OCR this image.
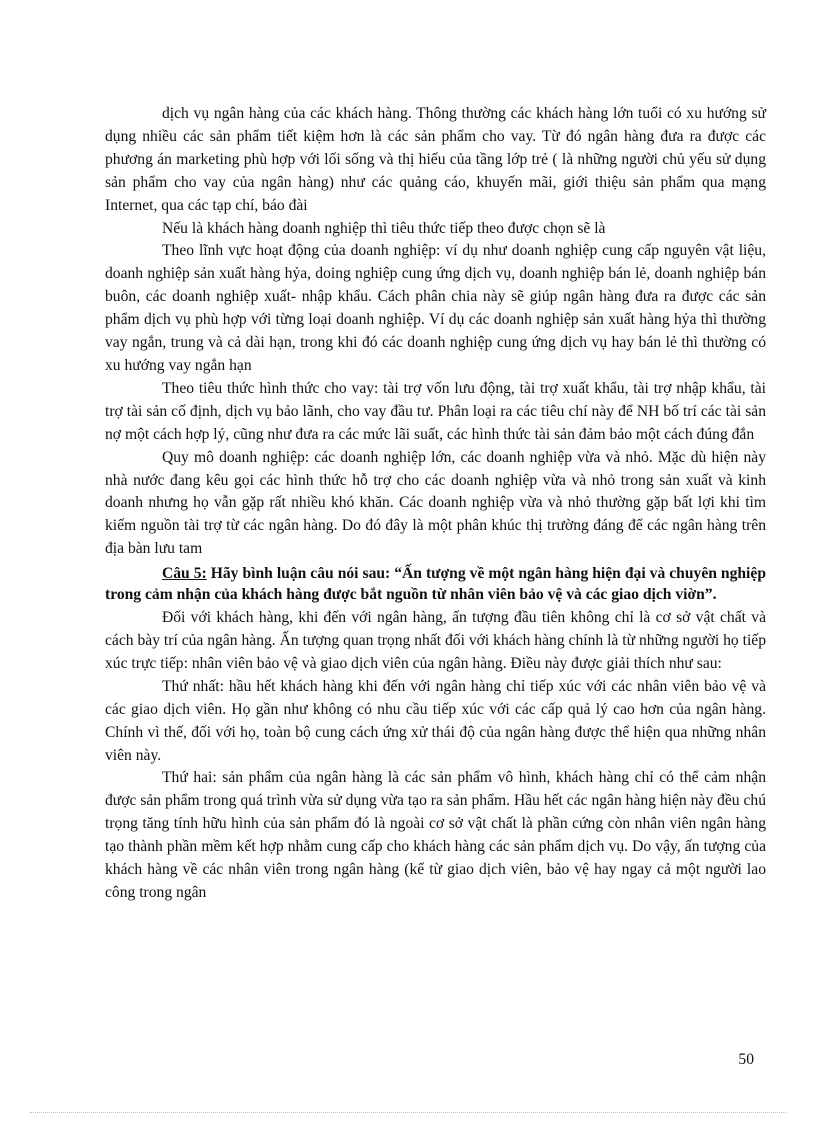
dịch vụ ngân hàng của các khách hàng. Thông thường các khách hàng lớn tuổi có xu hướng sử dụng nhiều các sản phẩm tiết kiệm hơn là các sản phẩm cho vay. Từ đó ngân hàng đưa ra được các phương án marketing phù hợp với lối sống và thị hiếu của tầng lớp trẻ ( là những người chủ yếu sử dụng sản phẩm cho vay của ngân hàng) như các quảng cáo, khuyến mãi, giới thiệu sản phẩm qua mạng Internet, qua các tạp chí, báo đài

Nếu là khách hàng doanh nghiệp thì tiêu thức tiếp theo được chọn sẽ là

Theo lĩnh vực hoạt động của doanh nghiệp: ví dụ như doanh nghiệp cung cấp nguyên vật liệu, doanh nghiệp sản xuất hàng hỷa, doing nghiệp cung ứng dịch vụ, doanh nghiệp bán lẻ, doanh nghiệp bán buôn, các doanh nghiệp xuất- nhập khẩu. Cách phân chia này sẽ giúp ngân hàng đưa ra được các sản phẩm dịch vụ phù hợp với từng loại doanh nghiệp. Ví dụ các doanh nghiệp sản xuất hàng hỷa thì thường vay ngắn, trung và cả dài hạn, trong khi đó các doanh nghiệp cung ứng dịch vụ hay bán lẻ thì thường có xu hướng vay ngắn hạn

Theo tiêu thức hình thức cho vay: tài trợ vốn lưu động, tài trợ xuất khẩu, tài trợ nhập khẩu, tài trợ tài sản cố định, dịch vụ bảo lãnh, cho vay đầu tư. Phân loại ra các tiêu chí này để NH bố trí các tài sản nợ một cách hợp lý, cũng như đưa ra các mức lãi suất, các hình thức tài sản đảm bảo một cách đúng đắn

Quy mô doanh nghiệp: các doanh nghiệp lớn, các doanh nghiệp vừa và nhỏ. Mặc dù hiện này nhà nước đang kêu gọi các hình thức hỗ trợ cho các doanh nghiệp vừa và nhỏ trong sản xuất và kinh doanh nhưng họ vẫn gặp rất nhiều khó khăn. Các doanh nghiệp vừa và nhỏ thường gặp bất lợi khi tìm kiếm nguồn tài trợ từ các ngân hàng. Do đó đây là một phân khúc thị trường đáng để các ngân hàng trên địa bàn lưu tam

Câu 5: Hãy bình luận câu nói sau: “Ấn tượng về một ngân hàng hiện đại và chuyên nghiệp trong cảm nhận của khách hàng được bắt nguồn từ nhân viên bảo vệ và các giao dịch viờn”.

Đối với khách hàng, khi đến với ngân hàng, ấn tượng đầu tiên không chỉ là cơ sở vật chất và cách bày trí của ngân hàng. Ấn tượng quan trọng nhất đối với khách hàng chính là từ những người họ tiếp xúc trực tiếp: nhân viên bảo vệ và giao dịch viên của ngân hàng. Điều này được giải thích như sau:

Thứ nhất: hầu hết khách hàng khi đến với ngân hàng chỉ tiếp xúc với các nhân viên bảo vệ và các giao dịch viên. Họ gần như không có nhu cầu tiếp xúc với các cấp quả lý cao hơn của ngân hàng. Chính vì thế, đối với họ, toàn bộ cung cách ứng xử thái độ của ngân hàng được thể hiện qua những nhân viên này.

Thứ hai: sản phẩm của ngân hàng là các sản phẩm vô hình, khách hàng chỉ có thể cảm nhận được sản phẩm trong quá trình vừa sử dụng vừa tạo ra sản phẩm. Hầu hết các ngân hàng hiện này đều chú trọng tăng tính hữu hình của sản phẩm đó là ngoài cơ sở vật chất là phần cứng còn nhân viên ngân hàng tạo thành phần mềm kết hợp nhằm cung cấp cho khách hàng các sản phẩm dịch vụ. Do vậy, ấn tượng của khách hàng về các nhân viên trong ngân hàng (kể từ giao dịch viên, bảo vệ hay ngay cả một người lao công trong ngân

50
